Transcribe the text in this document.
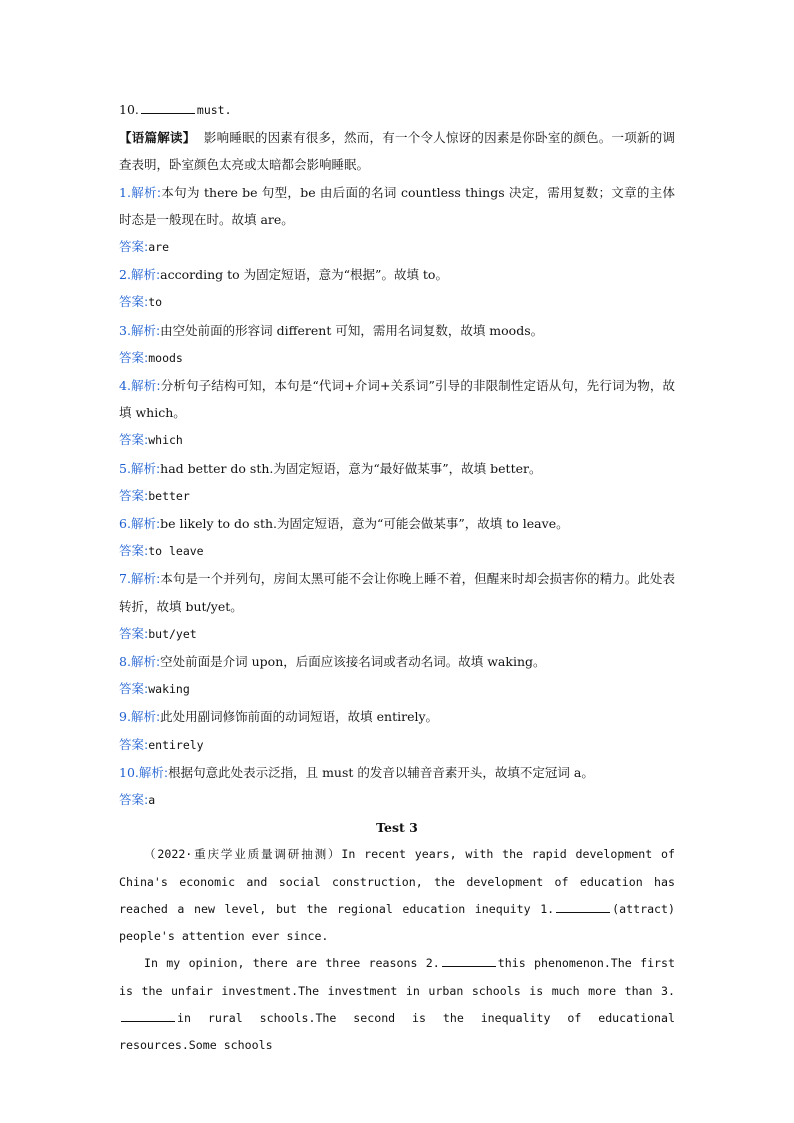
10.	must.
【语篇解读】 影响睡眠的因素有很多，然而，有一个令人惊讶的因素是你卧室的颜色。一项新的调查表明，卧室颜色太亮或太暗都会影响睡眠。
1.解析:本句为 there be 句型，be 由后面的名词 countless things 决定，需用复数；文章的主体时态是一般现在时。故填 are。
答案:are
2.解析:according to 为固定短语，意为“根据”。故填 to。
答案:to
3.解析:由空处前面的形容词 different 可知，需用名词复数，故填 moods。
答案:moods
4.解析:分析句子结构可知，本句是“代词+介词+关系词”引导的非限制性定语从句，先行词为物，故填 which。
答案:which
5.解析:had better do sth.为固定短语，意为“最好做某事”，故填 better。
答案:better
6.解析:be likely to do sth.为固定短语，意为“可能会做某事”，故填 to leave。
答案:to leave
7.解析:本句是一个并列句，房间太黑可能不会让你晚上睡不着，但醒来时却会损害你的精力。此处表转折，故填 but/yet。
答案:but/yet
8.解析:空处前面是介词 upon，后面应该接名词或者动名词。故填 waking。
答案:waking
9.解析:此处用副词修饰前面的动词短语，故填 entirely。
答案:entirely
10.解析:根据句意此处表示泛指，且 must 的发音以辅音音素开头，故填不定冠词 a。
答案:a
Test 3
（2022·重庆学业质量调研抽测）In recent years, with the rapid development of China's economic and social construction, the development of education has reached a new level, but the regional education inequity 1.	(attract) people's attention ever since.
In my opinion, there are three reasons 2.	this phenomenon.The first is the unfair investment.The investment in urban schools is much more than 3.in rural schools.The second is the inequality of educational resources.Some schools
